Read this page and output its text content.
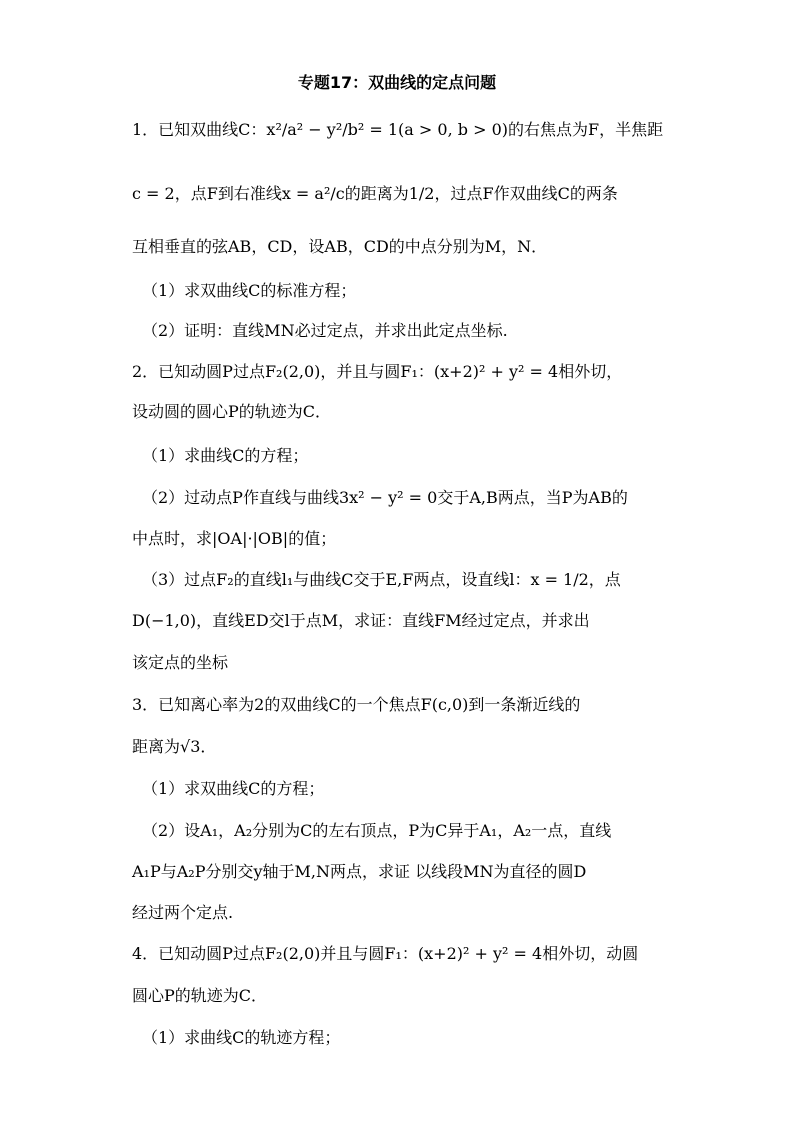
专题17：双曲线的定点问题
1．已知双曲线C：x²/a² − y²/b² = 1(a > 0, b > 0)的右焦点为F，半焦距
c = 2，点F到右准线x = a²/c的距离为1/2，过点F作双曲线C的两条
互相垂直的弦AB，CD，设AB，CD的中点分别为M，N．
（1）求双曲线C的标准方程；
（2）证明：直线MN必过定点，并求出此定点坐标.
2．已知动圆P过点F₂(2,0)，并且与圆F₁：(x+2)² + y² = 4相外切，
设动圆的圆心P的轨迹为C．
（1）求曲线C的方程；
（2）过动点P作直线与曲线3x² − y² = 0交于A,B两点，当P为AB的
中点时，求|OA|·|OB|的值；
（3）过点F₂的直线l₁与曲线C交于E,F两点，设直线l：x = 1/2，点
D(−1,0)，直线ED交l于点M，求证：直线FM经过定点，并求出
该定点的坐标
3．已知离心率为2的双曲线C的一个焦点F(c,0)到一条渐近线的
距离为√3．
（1）求双曲线C的方程；
（2）设A₁，A₂分别为C的左右顶点，P为C异于A₁，A₂一点，直线
A₁P与A₂P分别交y轴于M,N两点，求证 以线段MN为直径的圆D
经过两个定点.
4．已知动圆P过点F₂(2,0)并且与圆F₁：(x+2)² + y² = 4相外切，动圆
圆心P的轨迹为C．
（1）求曲线C的轨迹方程；
